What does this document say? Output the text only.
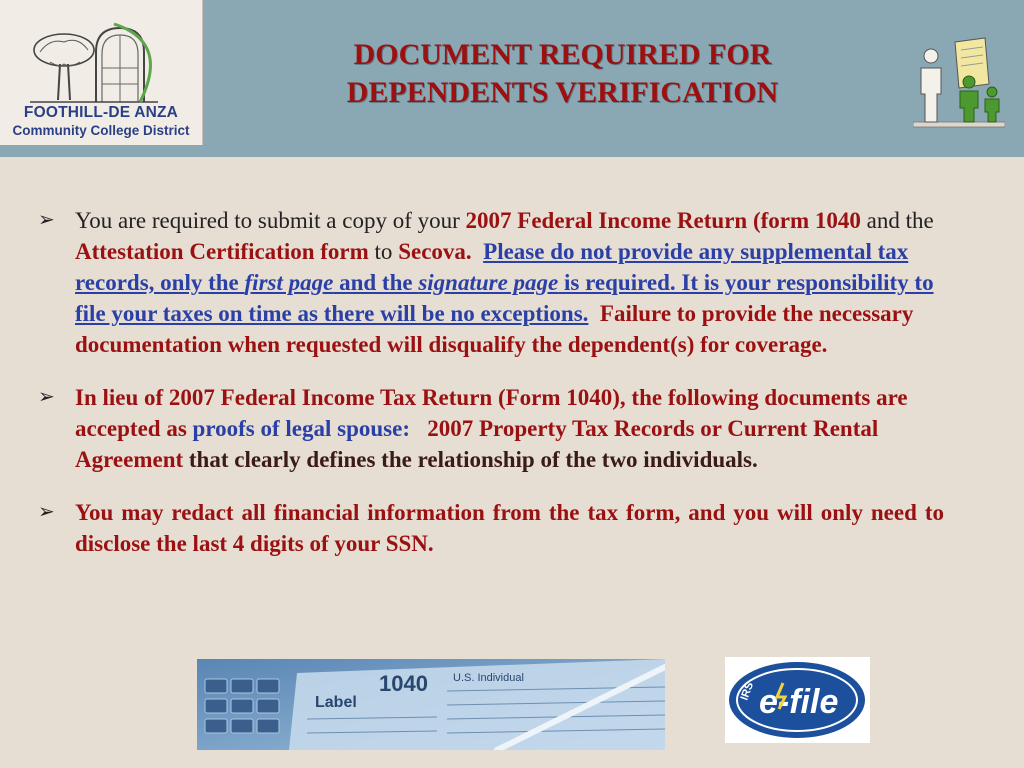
FOOTHILL-DE ANZA
Community College District
DOCUMENT REQUIRED FOR
DEPENDENTS VERIFICATION
➢ You are required to submit a copy of your 2007 Federal Income Return (form 1040 and the Attestation Certification form to Secova. Please do not provide any supplemental tax records, only the first page and the signature page is required. It is your responsibility to file your taxes on time as there will be no exceptions. Failure to provide the necessary documentation when requested will disqualify the dependent(s) for coverage.
➢ In lieu of 2007 Federal Income Tax Return (Form 1040), the following documents are accepted as proofs of legal spouse: 2007 Property Tax Records or Current Rental Agreement that clearly defines the relationship of the two individuals.
➢ You may redact all financial information from the tax form, and you will only need to disclose the last 4 digits of your SSN.
1040
Label
U.S. Individual
IRS e-file
